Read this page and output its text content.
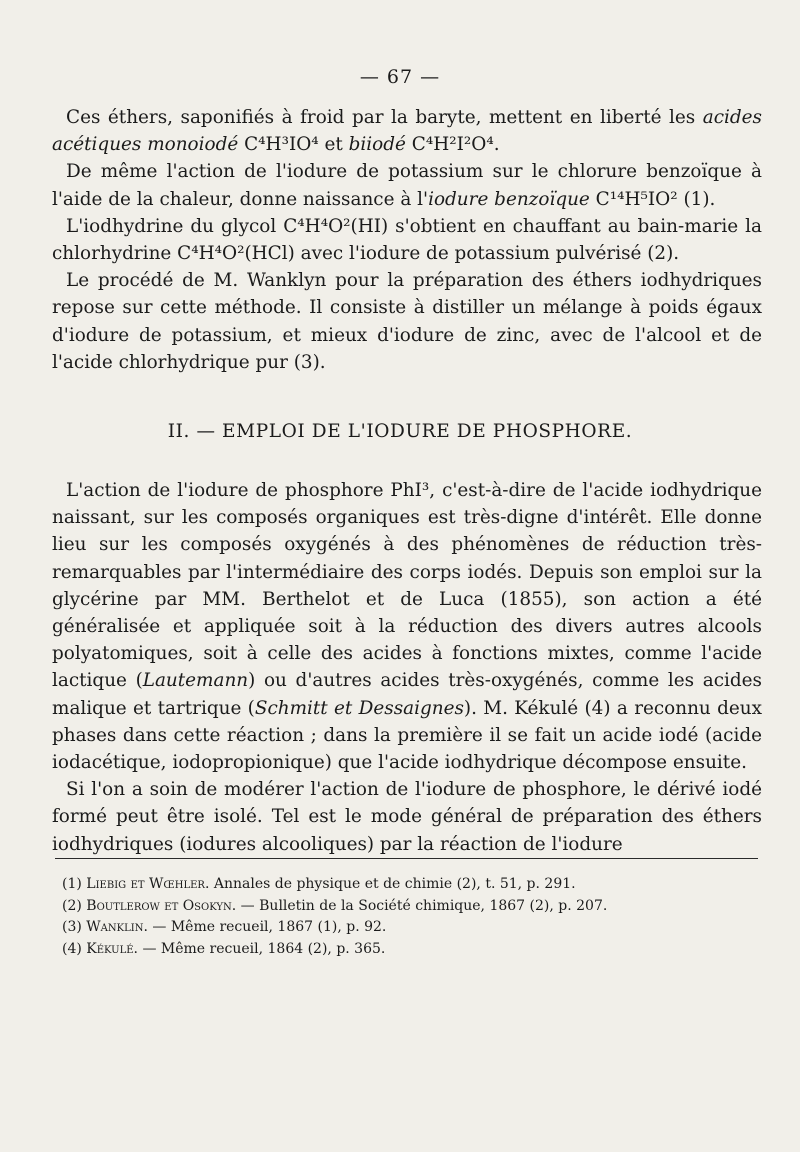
— 67 —

Ces éthers, saponifiés à froid par la baryte, mettent en liberté les acides acétiques monoiodé C⁴H³IO⁴ et biiodé C⁴H²I²O⁴.

De même l'action de l'iodure de potassium sur le chlorure benzoïque à l'aide de la chaleur, donne naissance à l'iodure benzoïque C¹⁴H⁵IO² (1).

L'iodhydrine du glycol C⁴H⁴O²(HI) s'obtient en chauffant au bain-marie la chlorhydrine C⁴H⁴O²(HCl) avec l'iodure de potassium pulvérisé (2).

Le procédé de M. Wanklyn pour la préparation des éthers iodhydriques repose sur cette méthode. Il consiste à distiller un mélange à poids égaux d'iodure de potassium, et mieux d'iodure de zinc, avec de l'alcool et de l'acide chlorhydrique pur (3).

II. — EMPLOI DE L'IODURE DE PHOSPHORE.

L'action de l'iodure de phosphore PhI³, c'est-à-dire de l'acide iodhydrique naissant, sur les composés organiques est très-digne d'intérêt. Elle donne lieu sur les composés oxygénés à des phénomènes de réduction très-remarquables par l'intermédiaire des corps iodés. Depuis son emploi sur la glycérine par MM. Berthelot et de Luca (1855), son action a été généralisée et appliquée soit à la réduction des divers autres alcools polyatomiques, soit à celle des acides à fonctions mixtes, comme l'acide lactique (Lautemann) ou d'autres acides très-oxygénés, comme les acides malique et tartrique (Schmitt et Dessaignes). M. Kékulé (4) a reconnu deux phases dans cette réaction ; dans la première il se fait un acide iodé (acide iodacétique, iodopropionique) que l'acide iodhydrique décompose ensuite.

Si l'on a soin de modérer l'action de l'iodure de phosphore, le dérivé iodé formé peut être isolé. Tel est le mode général de préparation des éthers iodhydriques (iodures alcooliques) par la réaction de l'iodure

(1) Liebig et Wœhler. Annales de physique et de chimie (2), t. 51, p. 291.
(2) Boutlerow et Osokyn. — Bulletin de la Société chimique, 1867 (2), p. 207.
(3) Wanklin. — Même recueil, 1867 (1), p. 92.
(4) Kékulé. — Même recueil, 1864 (2), p. 365.
